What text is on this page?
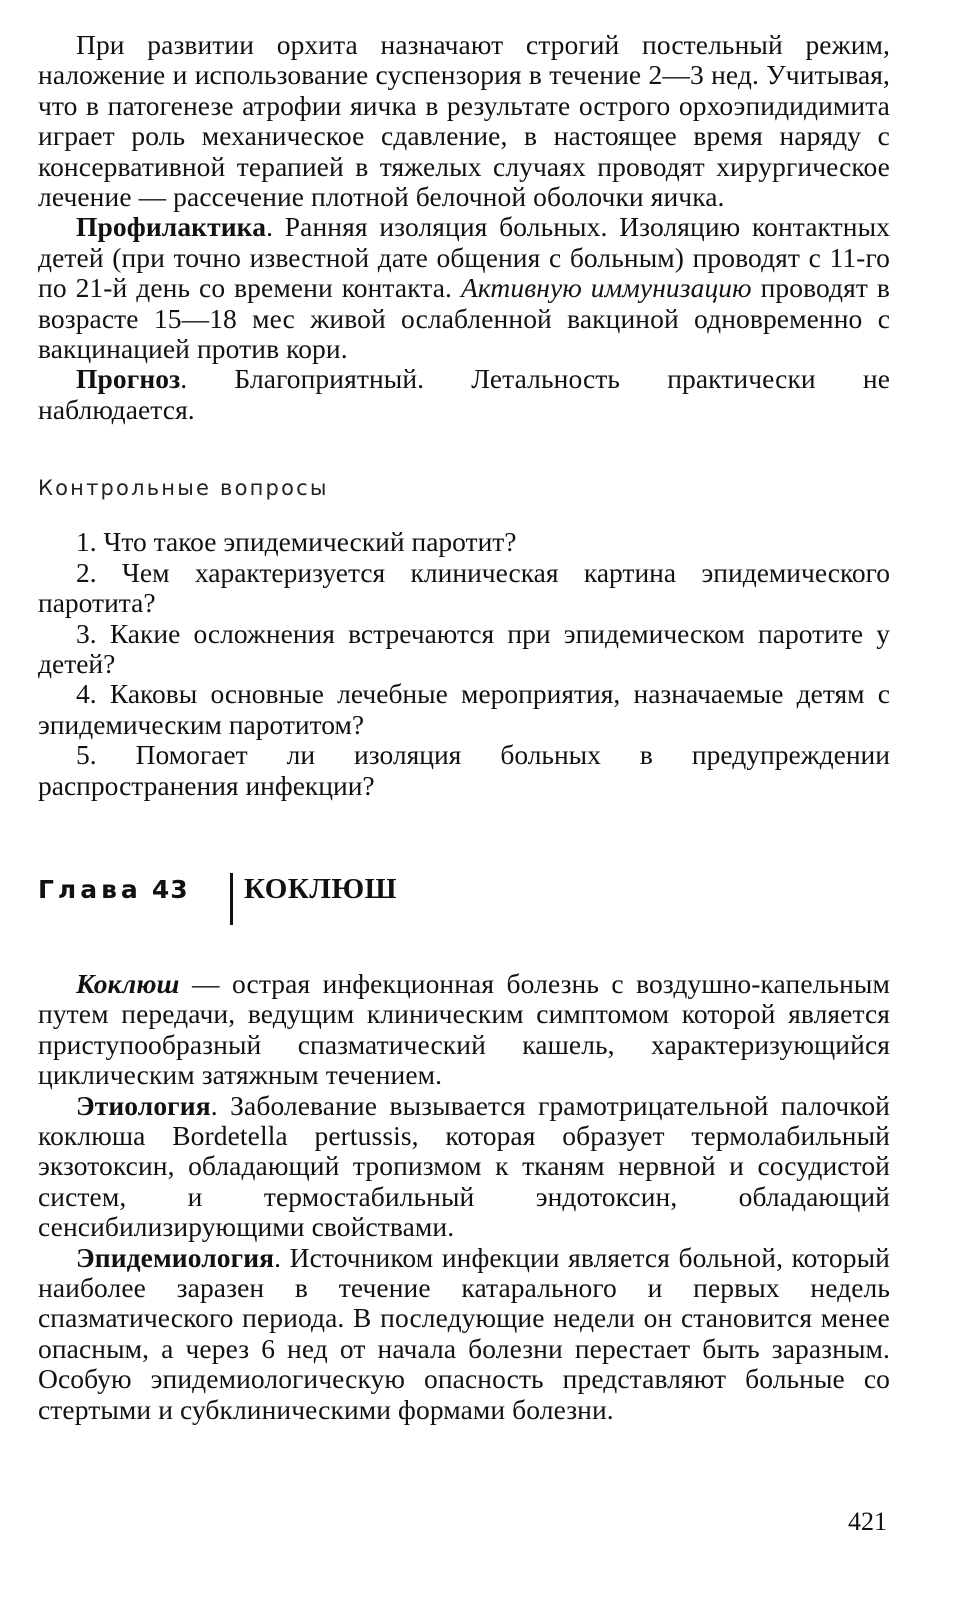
При развитии орхита назначают строгий постельный режим, наложение и использование суспензория в течение 2—3 нед. Учитывая, что в патогенезе атрофии яичка в результате острого орхоэпидидимита играет роль механическое сдавление, в настоящее время наряду с консервативной терапией в тяжелых случаях проводят хирургическое лечение — рассечение плотной белочной оболочки яичка.

Профилактика. Ранняя изоляция больных. Изоляцию контактных детей (при точно известной дате общения с больным) проводят с 11-го по 21-й день со времени контакта. Активную иммунизацию проводят в возрасте 15—18 мес живой ослабленной вакциной одновременно с вакцинацией против кори.

Прогноз. Благоприятный. Летальность практически не наблюдается.

Контрольные вопросы
1. Что такое эпидемический паротит?
2. Чем характеризуется клиническая картина эпидемического паротита?
3. Какие осложнения встречаются при эпидемическом паротите у детей?
4. Каковы основные лечебные мероприятия, назначаемые детям с эпидемическим паротитом?
5. Помогает ли изоляция больных в предупреждении распространения инфекции?
Глава 43 КОКЛЮШ

Коклюш — острая инфекционная болезнь с воздушно-капельным путем передачи, ведущим клиническим симптомом которой является приступообразный спазматический кашель, характеризующийся циклическим затяжным течением.

Этиология. Заболевание вызывается грамотрицательной палочкой коклюша Bordetella pertussis, которая образует термолабильный экзотоксин, обладающий тропизмом к тканям нервной и сосудистой систем, и термостабильный эндотоксин, обладающий сенсибилизирующими свойствами.

Эпидемиология. Источником инфекции является больной, который наиболее заразен в течение катарального и первых недель спазматического периода. В последующие недели он становится менее опасным, а через 6 нед от начала болезни перестает быть заразным. Особую эпидемиологическую опасность представляют больные со стертыми и субклиническими формами болезни.

421
